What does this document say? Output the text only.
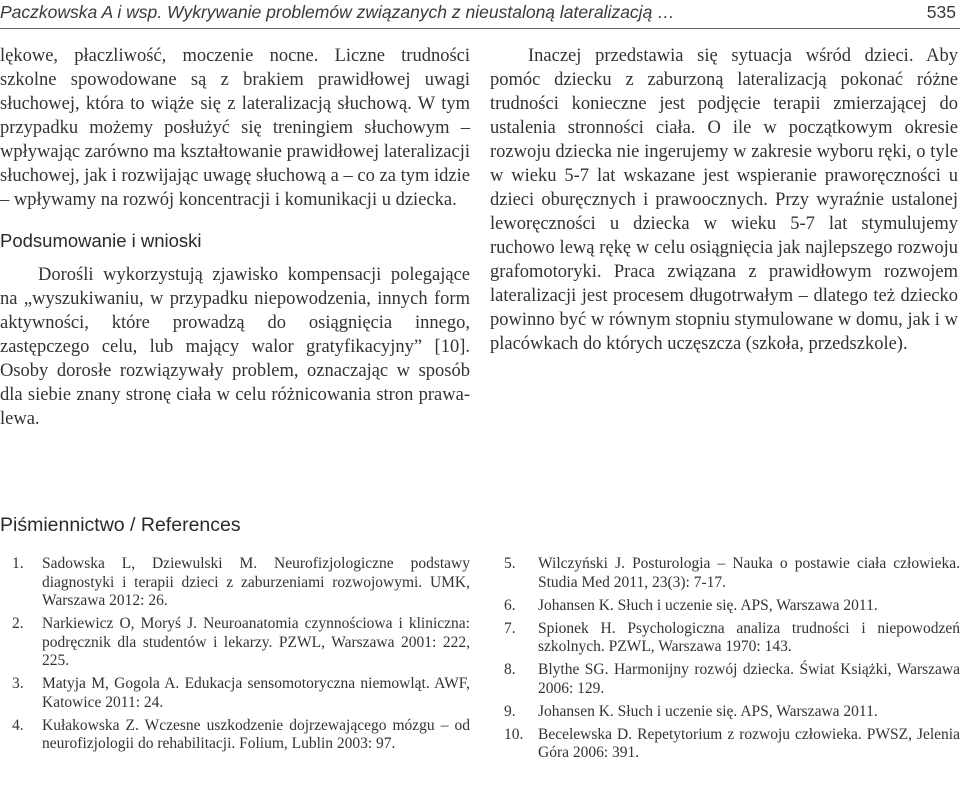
Paczkowska A i wsp. Wykrywanie problemów związanych z nieustaloną lateralizacją …	535

lękowe, płaczliwość, moczenie nocne. Liczne trudności szkolne spowodowane są z brakiem prawidłowej uwagi słuchowej, która to wiąże się z lateralizacją słuchową. W tym przypadku możemy posłużyć się treningiem słuchowym – wpływając zarówno ma kształtowanie prawidłowej lateralizacji słuchowej, jak i rozwijając uwagę słuchową a – co za tym idzie – wpływamy na rozwój koncentracji i komunikacji u dziecka.

Podsumowanie i wnioski

Dorośli wykorzystują zjawisko kompensacji polegające na „wyszukiwaniu, w przypadku niepowodzenia, innych form aktywności, które prowadzą do osiągnięcia innego, zastępczego celu, lub mający walor gratyfikacyjny” [10]. Osoby dorosłe rozwiązywały problem, oznaczając w sposób dla siebie znany stronę ciała w celu różnicowania stron prawa-lewa.

Inaczej przedstawia się sytuacja wśród dzieci. Aby pomóc dziecku z zaburzoną lateralizacją pokonać różne trudności konieczne jest podjęcie terapii zmierzającej do ustalenia stronności ciała. O ile w początkowym okresie rozwoju dziecka nie ingerujemy w zakresie wyboru ręki, o tyle w wieku 5-7 lat wskazane jest wspieranie praworęczności u dzieci oburęcznych i prawoocznych. Przy wyraźnie ustalonej leworęczności u dziecka w wieku 5-7 lat stymulujemy ruchowo lewą rękę w celu osiągnięcia jak najlepszego rozwoju grafomotoryki. Praca związana z prawidłowym rozwojem lateralizacji jest procesem długotrwałym – dlatego też dziecko powinno być w równym stopniu stymulowane w domu, jak i w placówkach do których uczęszcza (szkoła, przedszkole).

Piśmiennictwo / References
1. Sadowska L, Dziewulski M. Neurofizjologiczne podstawy diagnostyki i terapii dzieci z zaburzeniami rozwojowymi. UMK, Warszawa 2012: 26.
2. Narkiewicz O, Moryś J. Neuroanatomia czynnościowa i kliniczna: podręcznik dla studentów i lekarzy. PZWL, Warszawa 2001: 222, 225.
3. Matyja M, Gogola A. Edukacja sensomotoryczna niemowląt. AWF, Katowice 2011: 24.
4. Kułakowska Z. Wczesne uszkodzenie dojrzewającego mózgu – od neurofizjologii do rehabilitacji. Folium, Lublin 2003: 97.
5. Wilczyński J. Posturologia – Nauka o postawie ciała człowieka. Studia Med 2011, 23(3): 7-17.
6. Johansen K. Słuch i uczenie się. APS, Warszawa 2011.
7. Spionek H. Psychologiczna analiza trudności i niepowodzeń szkolnych. PZWL, Warszawa 1970: 143.
8. Blythe SG. Harmonijny rozwój dziecka. Świat Książki, Warszawa 2006: 129.
9. Johansen K. Słuch i uczenie się. APS, Warszawa 2011.
10. Becelewska D. Repetytorium z rozwoju człowieka. PWSZ, Jelenia Góra 2006: 391.
